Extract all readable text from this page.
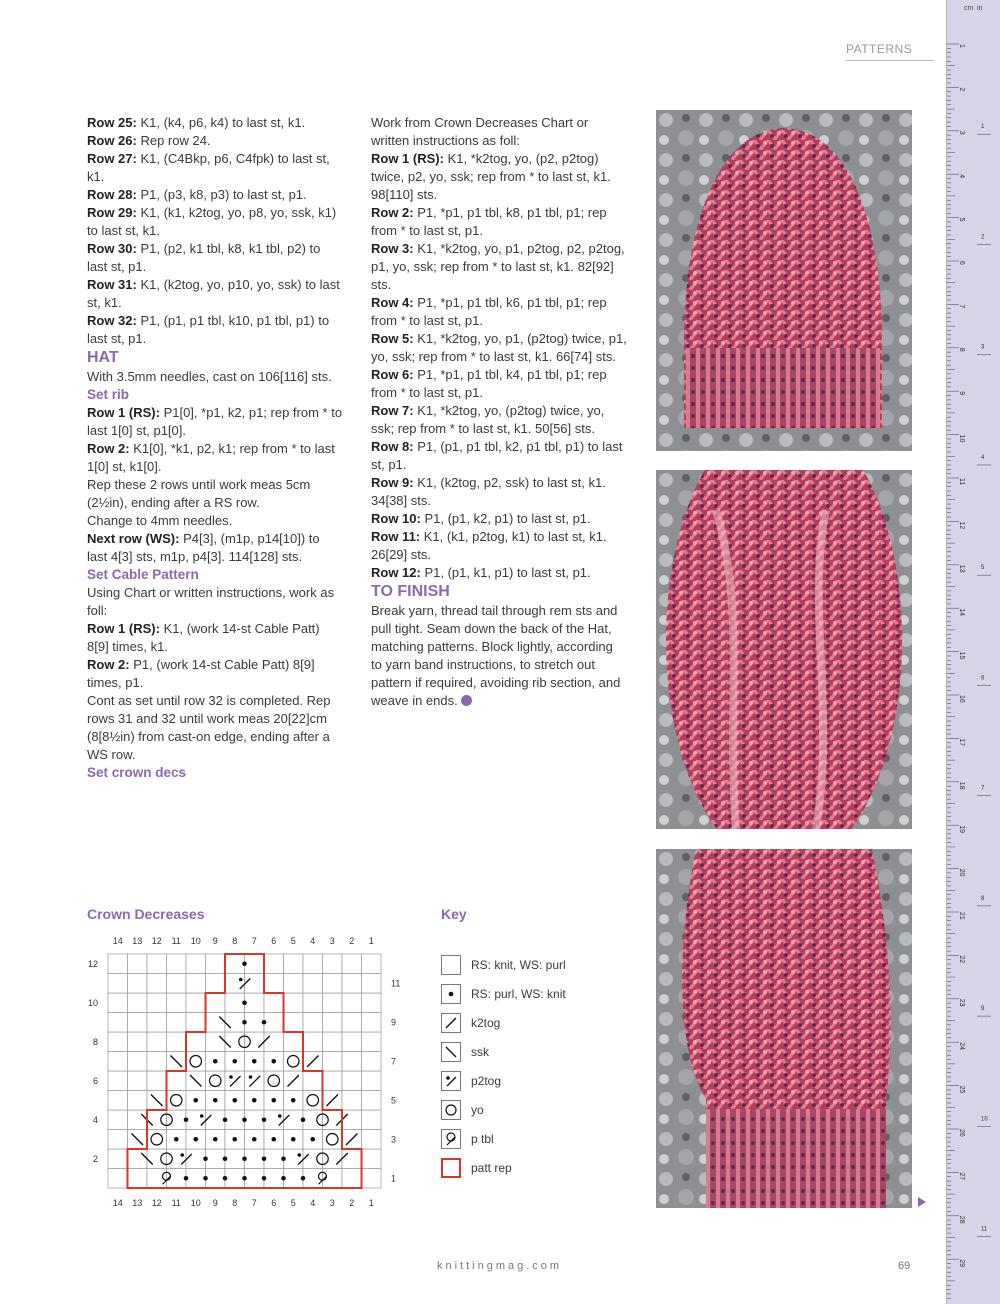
PATTERNS

Row 25: K1, (k4, p6, k4) to last st, k1.

Row 26: Rep row 24.

Row 27: K1, (C4Bkp, p6, C4fpk) to last st, k1.

Row 28: P1, (p3, k8, p3) to last st, p1.

Row 29: K1, (k1, k2tog, yo, p8, yo, ssk, k1) to last st, k1.

Row 30: P1, (p2, k1 tbl, k8, k1 tbl, p2) to last st, p1.

Row 31: K1, (k2tog, yo, p10, yo, ssk) to last st, k1.

Row 32: P1, (p1, p1 tbl, k10, p1 tbl, p1) to last st, p1.

HAT

With 3.5mm needles, cast on 106[116] sts.

Set rib

Row 1 (RS): P1[0], *p1, k2, p1; rep from * to last 1[0] st, p1[0].

Row 2: K1[0], *k1, p2, k1; rep from * to last 1[0] st, k1[0].

Rep these 2 rows until work meas 5cm (2½in), ending after a RS row.

Change to 4mm needles.

Next row (WS): P4[3], (m1p, p14[10]) to last 4[3] sts, m1p, p4[3]. 114[128] sts.

Set Cable Pattern

Using Chart or written instructions, work as foll:

Row 1 (RS): K1, (work 14-st Cable Patt) 8[9] times, k1.

Row 2: P1, (work 14-st Cable Patt) 8[9] times, p1.

Cont as set until row 32 is completed. Rep rows 31 and 32 until work meas 20[22]cm (8[8½in) from cast-on edge, ending after a WS row.

Set crown decs

Work from Crown Decreases Chart or written instructions as foll:

Row 1 (RS): K1, *k2tog, yo, (p2, p2tog) twice, p2, yo, ssk; rep from * to last st, k1. 98[110] sts.

Row 2: P1, *p1, p1 tbl, k8, p1 tbl, p1; rep from * to last st, p1.

Row 3: K1, *k2tog, yo, p1, p2tog, p2, p2tog, p1, yo, ssk; rep from * to last st, k1. 82[92] sts.

Row 4: P1, *p1, p1 tbl, k6, p1 tbl, p1; rep from * to last st, p1.

Row 5: K1, *k2tog, yo, p1, (p2tog) twice, p1, yo, ssk; rep from * to last st, k1. 66[74] sts.

Row 6: P1, *p1, p1 tbl, k4, p1 tbl, p1; rep from * to last st, p1.

Row 7: K1, *k2tog, yo, (p2tog) twice, yo, ssk; rep from * to last st, k1. 50[56] sts.

Row 8: P1, (p1, p1 tbl, k2, p1 tbl, p1) to last st, p1.

Row 9: K1, (k2tog, p2, ssk) to last st, k1. 34[38] sts.

Row 10: P1, (p1, k2, p1) to last st, p1.

Row 11: K1, (k1, p2tog, k1) to last st, k1. 26[29] sts.

Row 12: P1, (p1, k1, p1) to last st, p1.

TO FINISH

Break yarn, thread tail through rem sts and pull tight. Seam down the back of the Hat, matching patterns. Block lightly, according to yarn band instructions, to stretch out pattern if required, avoiding rib section, and weave in ends.

in
cm
1
2
3
4
5
6
7
8
9
10
11
12
13
14
15
16
17
18
19
20
21
22
23
24
25
26
27
28
29
1
2
3
4
5
6
7
8
9
10
11
Crown Decreases
14
14
13
13
12
12
11
11
10
10
9
9
8
8
7
7
6
6
5
5
4
4
3
3
2
2
1
1
2
4
6
8
10
12
1
3
5
7
9
11
Key
RS: knit, WS: purl
RS: purl, WS: knit
k2tog
ssk
p2tog
yo
p tbl
patt rep
knittingmag.com	69
